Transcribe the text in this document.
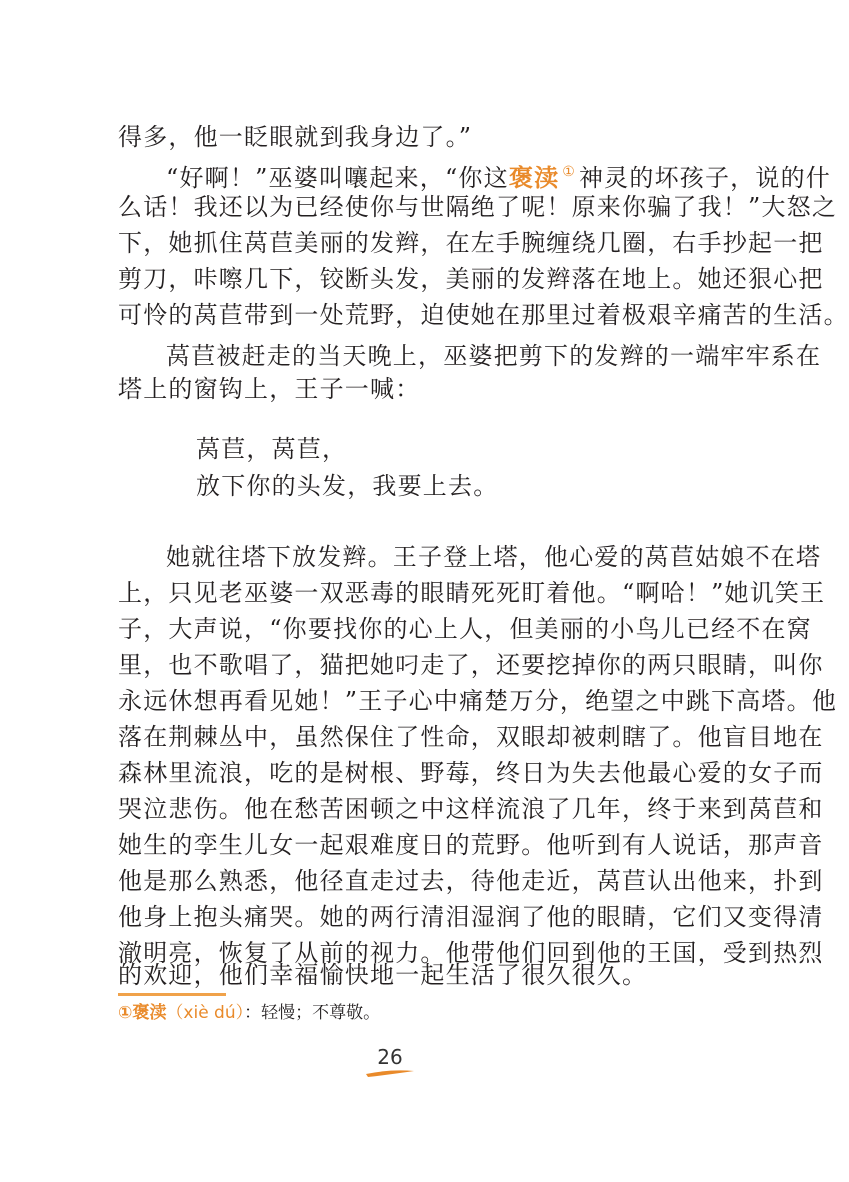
得多，他一眨眼就到我身边了。”
“好啊！”巫婆叫嚷起来，“你这褒渎 ① 神灵的坏孩子，说的什
么话！我还以为已经使你与世隔绝了呢！原来你骗了我！”大怒之
下，她抓住莴苣美丽的发辫，在左手腕缠绕几圈，右手抄起一把
剪刀，咔嚓几下，铰断头发，美丽的发辫落在地上。她还狠心把
可怜的莴苣带到一处荒野，迫使她在那里过着极艰辛痛苦的生活。
莴苣被赶走的当天晚上，巫婆把剪下的发辫的一端牢牢系在
塔上的窗钩上，王子一喊：
莴苣，莴苣，
放下你的头发，我要上去。
她就往塔下放发辫。王子登上塔，他心爱的莴苣姑娘不在塔
上，只见老巫婆一双恶毒的眼睛死死盯着他。“啊哈！”她讥笑王
子，大声说，“你要找你的心上人，但美丽的小鸟儿已经不在窝
里，也不歌唱了，猫把她叼走了，还要挖掉你的两只眼睛，叫你
永远休想再看见她！”王子心中痛楚万分，绝望之中跳下高塔。他
落在荆棘丛中，虽然保住了性命，双眼却被刺瞎了。他盲目地在
森林里流浪，吃的是树根、野莓，终日为失去他最心爱的女子而
哭泣悲伤。他在愁苦困顿之中这样流浪了几年，终于来到莴苣和
她生的孪生儿女一起艰难度日的荒野。他听到有人说话，那声音
他是那么熟悉，他径直走过去，待他走近，莴苣认出他来，扑到
他身上抱头痛哭。她的两行清泪湿润了他的眼睛，它们又变得清
澈明亮，恢复了从前的视力。他带他们回到他的王国，受到热烈
的欢迎，他们幸福愉快地一起生活了很久很久。
①褒渎（xiè dú）：轻慢；不尊敬。
26
